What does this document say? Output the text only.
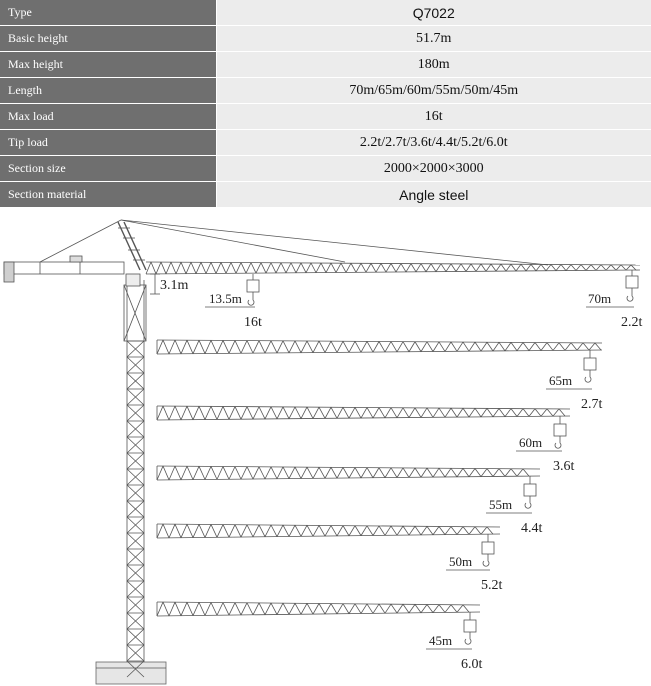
Type	Q7022
Basic height	51.7m
Max height	180m
Length	70m/65m/60m/55m/50m/45m
Max load	16t
Tip load	2.2t/2.7t/3.6t/4.4t/5.2t/6.0t
Section size	2000×2000×3000
Section material	Angle steel
3.1m
13.5m
16t
70m
2.2t
65m
2.7t
60m
3.6t
55m
4.4t
50m
5.2t
45m
6.0t
